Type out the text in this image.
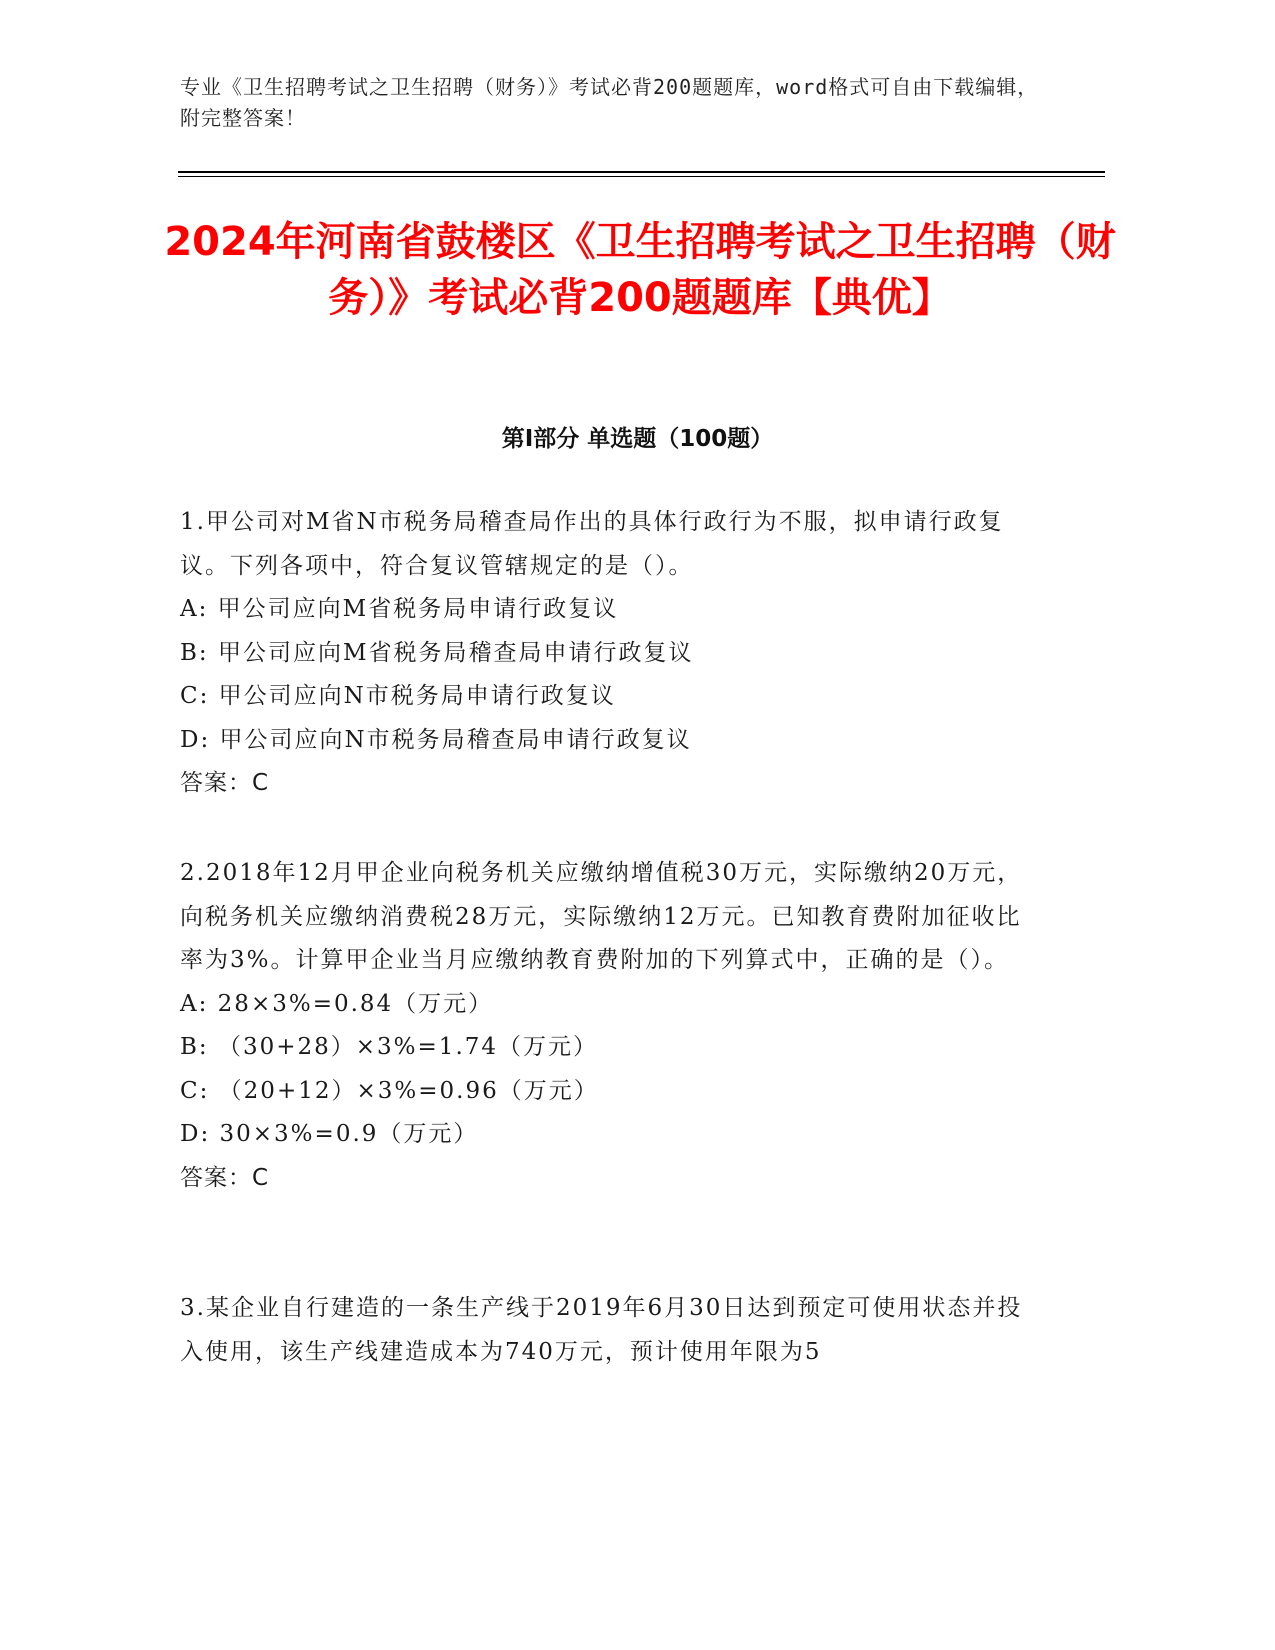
专业《卫生招聘考试之卫生招聘（财务）》考试必背200题题库，word格式可自由下载编辑，附完整答案！
2024年河南省鼓楼区《卫生招聘考试之卫生招聘（财务）》考试必背200题题库【典优】
第I部分 单选题（100题）

1.甲公司对M省N市税务局稽查局作出的具体行政行为不服，拟申请行政复议。下列各项中，符合复议管辖规定的是（）。

A: 甲公司应向M省税务局申请行政复议

B: 甲公司应向M省税务局稽查局申请行政复议

C: 甲公司应向N市税务局申请行政复议

D: 甲公司应向N市税务局稽查局申请行政复议

答案：C

2.2018年12月甲企业向税务机关应缴纳增值税30万元，实际缴纳20万元，向税务机关应缴纳消费税28万元，实际缴纳12万元。已知教育费附加征收比率为3%。计算甲企业当月应缴纳教育费附加的下列算式中，正确的是（）。

A: 28×3%=0.84（万元）

B: （30+28）×3%=1.74（万元）

C: （20+12）×3%=0.96（万元）

D: 30×3%=0.9（万元）

答案：C

3.某企业自行建造的一条生产线于2019年6月30日达到预定可使用状态并投入使用，该生产线建造成本为740万元，预计使用年限为5
